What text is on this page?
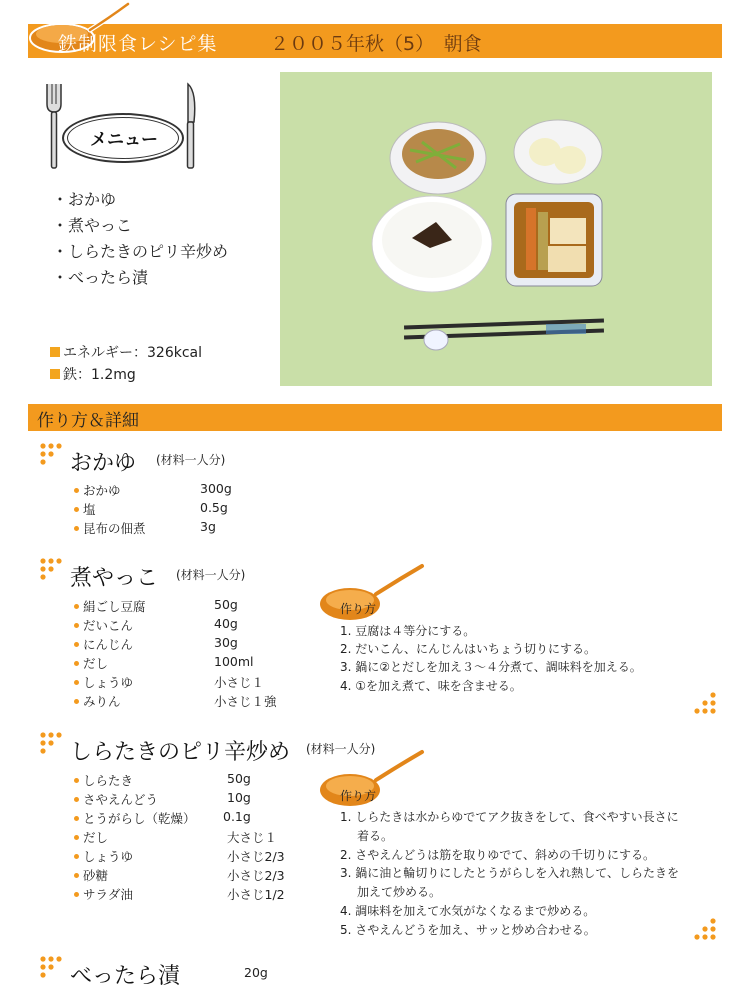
鉄制限食レシピ集	２００５年秋（5）　朝食
メニュー
・おかゆ
・煮やっこ
・しらたきのピリ辛炒め
・べったら漬
エネルギー：326kcal
鉄：1.2mg
作り方＆詳細
おかゆ (材料一人分)
おかゆ	300g
塩	0.5g
昆布の佃煮	3g
煮やっこ (材料一人分)
絹ごし豆腐	50g
だいこん	40g
にんじん	30g
だし	100ml
しょうゆ	小さじ１
みりん	小さじ１強
作り方
1. 豆腐は４等分にする。
2. だいこん、にんじんはいちょう切りにする。
3. 鍋に②とだしを加え３〜４分煮て、調味料を加える。
4. ①を加え煮て、味を含ませる。
しらたきのピリ辛炒め (材料一人分)
しらたき	50g
さやえんどう	10g
とうがらし（乾燥） 0.1g
だし	大さじ１
しょうゆ	小さじ2/3
砂糖	小さじ2/3
サラダ油	小さじ1/2
作り方
1. しらたきは水からゆでてアク抜きをして、食べやすい長さに
着る。
2. さやえんどうは筋を取りゆでて、斜めの千切りにする。
3. 鍋に油と輪切りにしたとうがらしを入れ熱して、しらたきを
加えて炒める。
4. 調味料を加えて水気がなくなるまで炒める。
5. さやえんどうを加え、サッと炒め合わせる。
べったら漬	20g
